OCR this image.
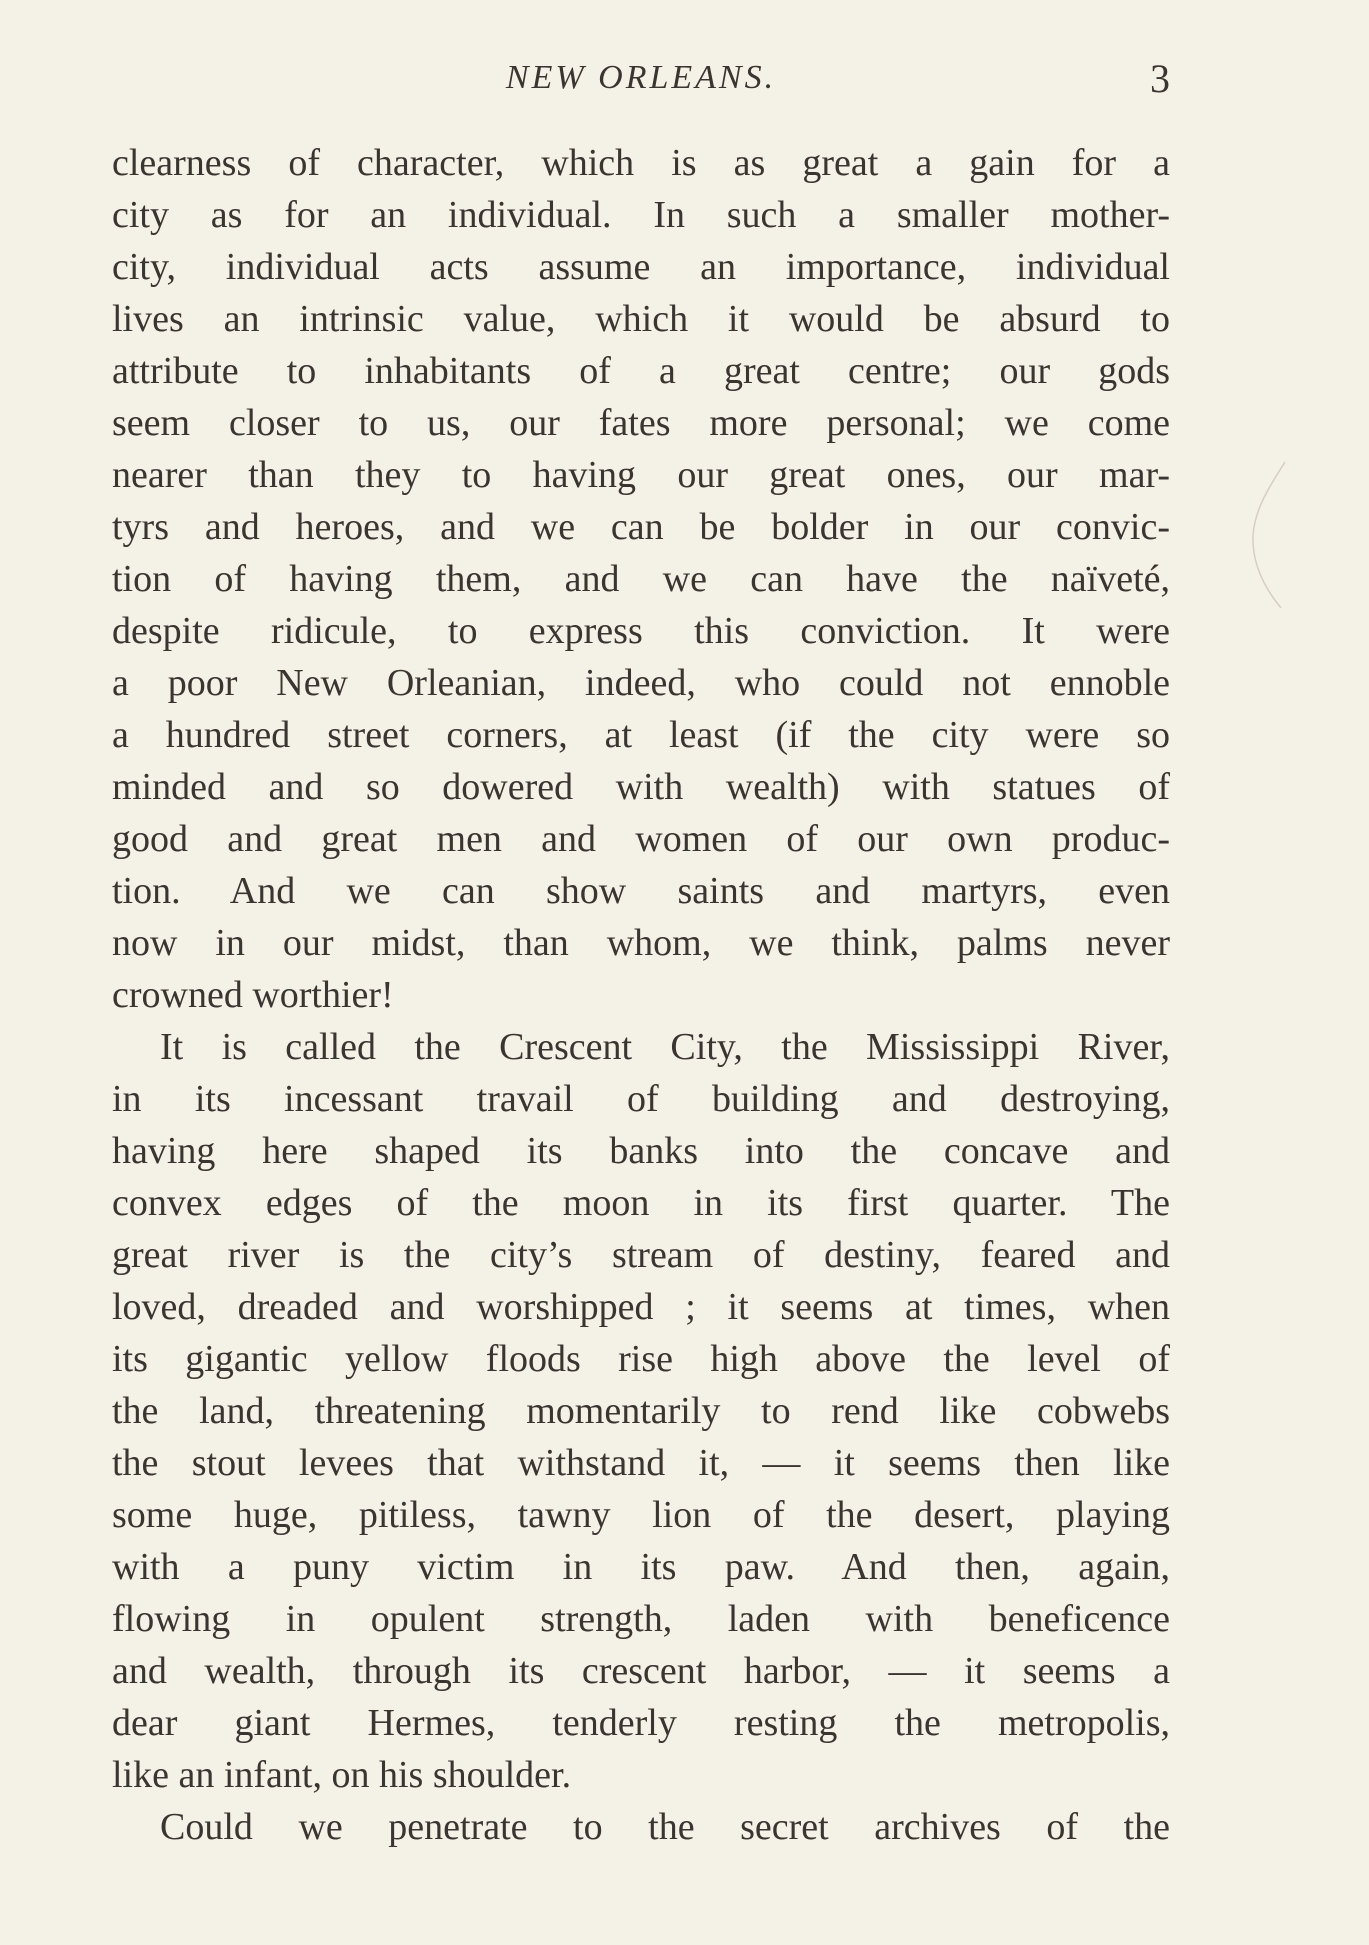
NEW ORLEANS.	3
clearness of character, which is as great a gain for a
city as for an individual. In such a smaller mother-
city, individual acts assume an importance, individual
lives an intrinsic value, which it would be absurd to
attribute to inhabitants of a great centre; our gods
seem closer to us, our fates more personal; we come
nearer than they to having our great ones, our mar-
tyrs and heroes, and we can be bolder in our convic-
tion of having them, and we can have the naïveté,
despite ridicule, to express this conviction. It were
a poor New Orleanian, indeed, who could not ennoble
a hundred street corners, at least (if the city were so
minded and so dowered with wealth) with statues of
good and great men and women of our own produc-
tion. And we can show saints and martyrs, even
now in our midst, than whom, we think, palms never
crowned worthier!
It is called the Crescent City, the Mississippi River,
in its incessant travail of building and destroying,
having here shaped its banks into the concave and
convex edges of the moon in its first quarter. The
great river is the city’s stream of destiny, feared and
loved, dreaded and worshipped ; it seems at times, when
its gigantic yellow floods rise high above the level of
the land, threatening momentarily to rend like cobwebs
the stout levees that withstand it, — it seems then like
some huge, pitiless, tawny lion of the desert, playing
with a puny victim in its paw. And then, again,
flowing in opulent strength, laden with beneficence
and wealth, through its crescent harbor, — it seems a
dear giant Hermes, tenderly resting the metropolis,
like an infant, on his shoulder.
Could we penetrate to the secret archives of the
